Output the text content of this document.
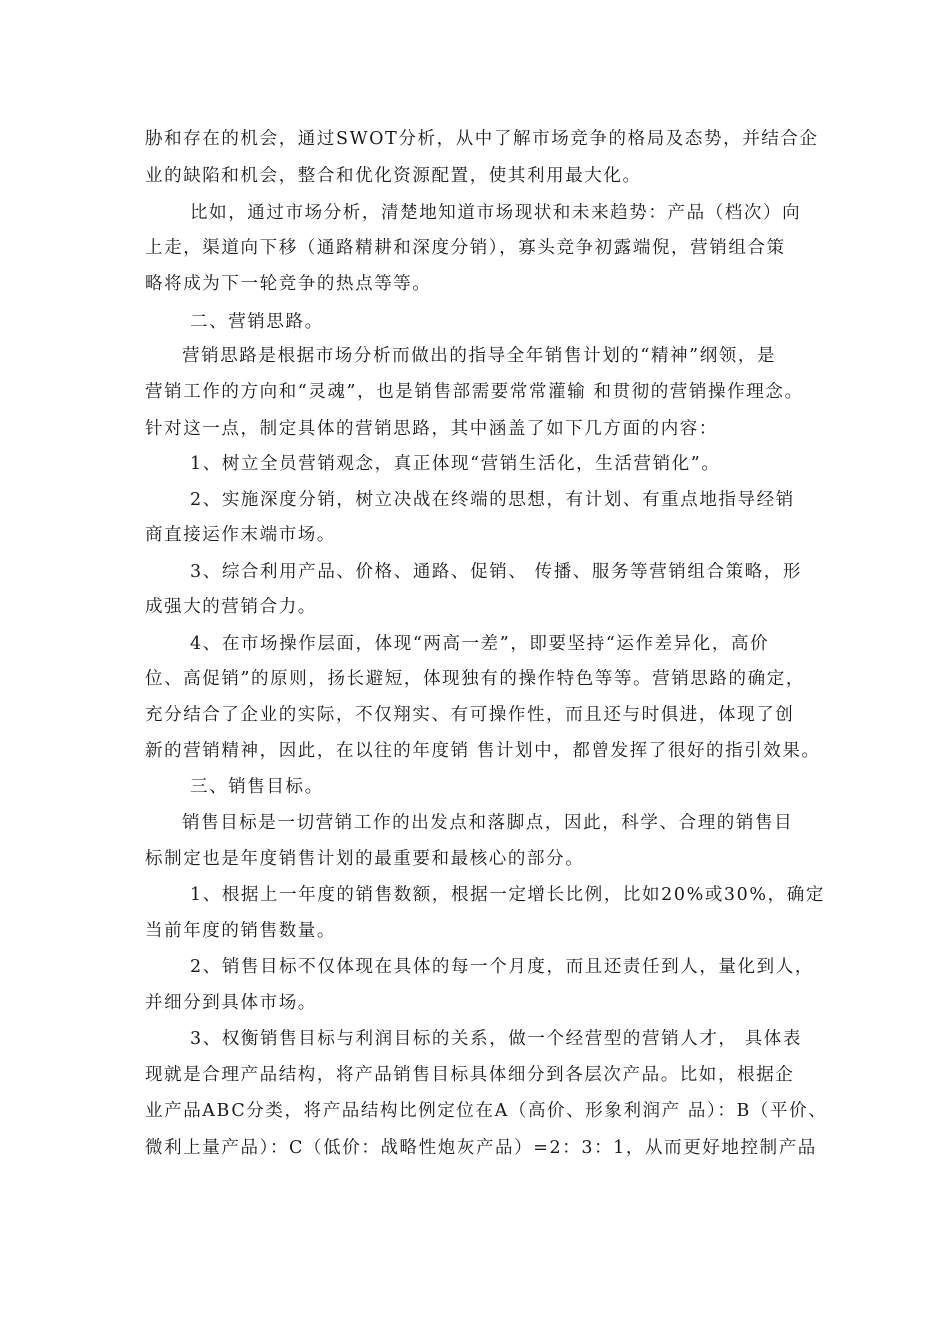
胁和存在的机会，通过SWOT分析，从中了解市场竞争的格局及态势，并结合企
业的缺陷和机会，整合和优化资源配置，使其利用最大化。
比如，通过市场分析，清楚地知道市场现状和未来趋势：产品（档次）向
上走，渠道向下移（通路精耕和深度分销），寡头竞争初露端倪，营销组合策
略将成为下一轮竞争的热点等等。
二、营销思路。
营销思路是根据市场分析而做出的指导全年销售计划的“精神”纲领，是
营销工作的方向和“灵魂”，也是销售部需要常常灌输 和贯彻的营销操作理念。
针对这一点，制定具体的营销思路，其中涵盖了如下几方面的内容：
1、树立全员营销观念，真正体现“营销生活化，生活营销化”。
2、实施深度分销，树立决战在终端的思想，有计划、有重点地指导经销
商直接运作末端市场。
3、综合利用产品、价格、通路、促销、 传播、服务等营销组合策略，形
成强大的营销合力。
4、在市场操作层面，体现“两高一差”，即要坚持“运作差异化，高价
位、高促销”的原则，扬长避短，体现独有的操作特色等等。营销思路的确定，
充分结合了企业的实际，不仅翔实、有可操作性，而且还与时俱进，体现了创
新的营销精神，因此，在以往的年度销 售计划中，都曾发挥了很好的指引效果。
三、销售目标。
销售目标是一切营销工作的出发点和落脚点，因此，科学、合理的销售目
标制定也是年度销售计划的最重要和最核心的部分。
1、根据上一年度的销售数额，根据一定增长比例，比如20%或30%，确定
当前年度的销售数量。
2、销售目标不仅体现在具体的每一个月度，而且还责任到人，量化到人，
并细分到具体市场。
3、权衡销售目标与利润目标的关系，做一个经营型的营销人才， 具体表
现就是合理产品结构，将产品销售目标具体细分到各层次产品。比如，根据企
业产品ABC分类，将产品结构比例定位在A（高价、形象利润产 品）：B（平价、
微利上量产品）：C（低价：战略性炮灰产品）=2：3：1，从而更好地控制产品
